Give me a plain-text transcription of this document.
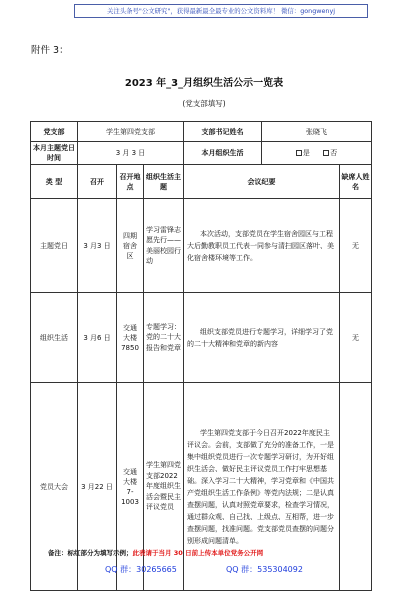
关注头条号"公文研究"，获得最新最全最专业的公文资料库！ 微信：gongwenyj
附件 3：
2023 年_3_月组织生活公示一览表
(党支部填写)
党支部	学生第四党支部			支部书记姓名	张晓飞	
本月主题党日时间	3 月 3 日			本月组织生活	是 否	
类 型	召开	召开地点	组织生活主题	会议纪要		缺席人姓名
主题党日	3 月3 日	四期宿舍区	学习雷锋志愿先行——美丽校园行动	本次活动，支部党员在学生宿舍园区与工程大后勤教职员工代表一同参与清扫园区落叶、美化宿舍楼环境等工作。		无
组织生活	3 月6 日	交通大楼7850	专题学习：党的二十大报告和党章	组织支部党员进行专题学习，详细学习了党的二十大精神和党章的新内容		无
党员大会	3 月22 日	交通大楼7-1003	学生第四党支部2022年度组织生活会暨民主评议党员	学生第四党支部于今日召开2022年度民主评议会。会前，支部做了充分的准备工作，一是集中组织党员进行一次专题学习研讨，为开好组织生活会、做好民主评议党员工作打牢思想基础。深入学习二十大精神，学习党章和《中国共产党组织生活工作条例》等党内法规；二是认真查摆问题，认真对照党章要求，检查学习情况，通过群众观、自己找、上级点、互相帮，进一步查摆问题，找准问题。党支部党员查摆的问题分别形成问题清单。		
备注：标红部分为填写示例；此表请于当月 30 日前上传本单位党务公开网
QQ 群：30265665	QQ 群：535304092
